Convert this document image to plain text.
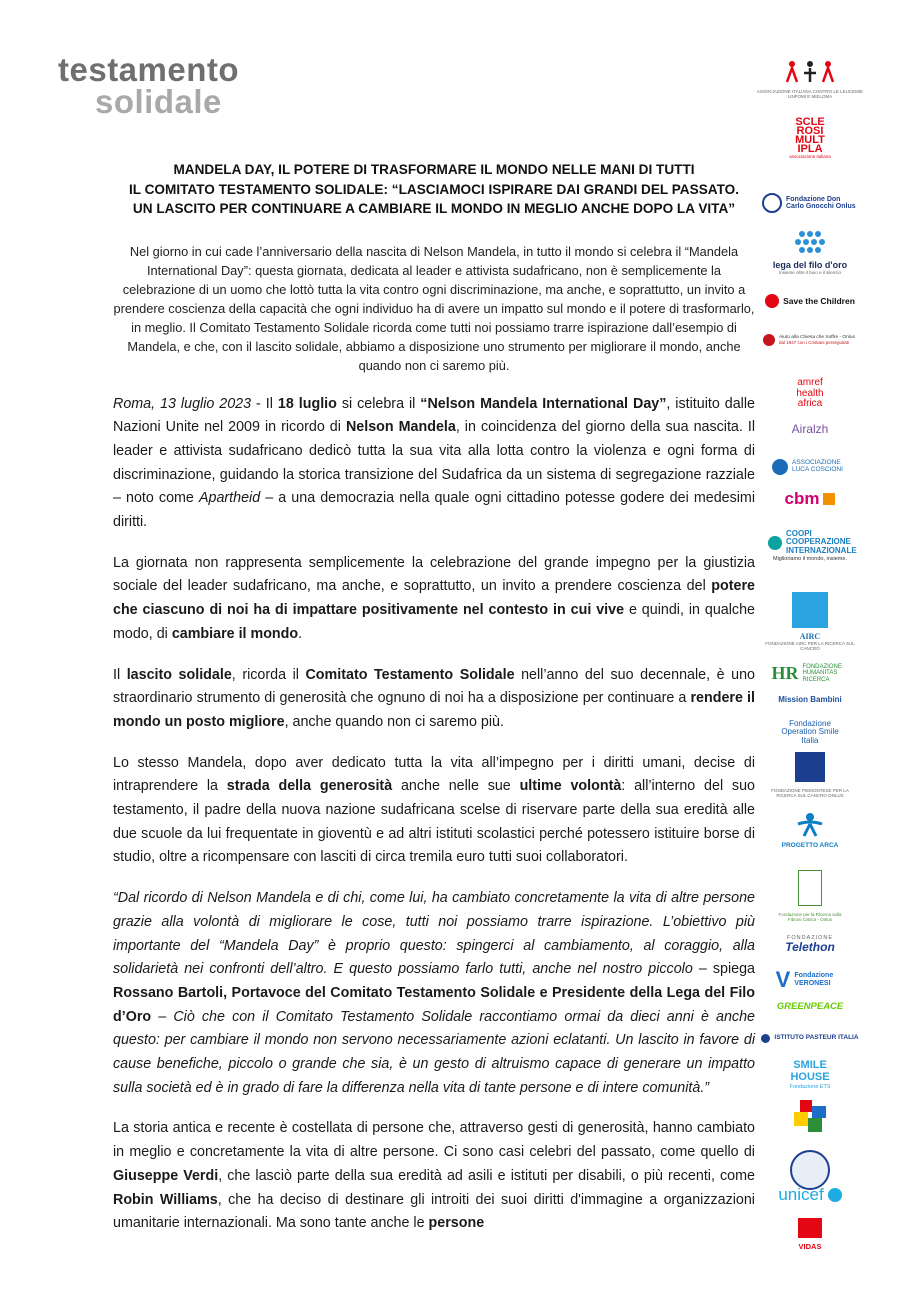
testamento
solidale
MANDELA DAY, IL POTERE DI TRASFORMARE IL MONDO NELLE MANI DI TUTTI
IL COMITATO TESTAMENTO SOLIDALE: “LASCIAMOCI ISPIRARE DAI GRANDI DEL PASSATO.
UN LASCITO PER CONTINUARE A CAMBIARE IL MONDO IN MEGLIO ANCHE DOPO LA VITA”

Nel giorno in cui cade l’anniversario della nascita di Nelson Mandela, in tutto il mondo si celebra il “Mandela International Day”: questa giornata, dedicata al leader e attivista sudafricano, non è semplicemente la celebrazione di un uomo che lottò tutta la vita contro ogni discriminazione, ma anche, e soprattutto, un invito a prendere coscienza della capacità che ogni individuo ha di avere un impatto sul mondo e il potere di trasformarlo, in meglio. Il Comitato Testamento Solidale ricorda come tutti noi possiamo trarre ispirazione dall’esempio di Mandela, e che, con il lascito solidale, abbiamo a disposizione uno strumento per migliorare il mondo, anche quando non ci saremo più.

Roma, 13 luglio 2023 - Il 18 luglio si celebra il “Nelson Mandela International Day”, istituito dalle Nazioni Unite nel 2009 in ricordo di Nelson Mandela, in coincidenza del giorno della sua nascita. Il leader e attivista sudafricano dedicò tutta la sua vita alla lotta contro la violenza e ogni forma di discriminazione, guidando la storica transizione del Sudafrica da un sistema di segregazione razziale – noto come Apartheid – a una democrazia nella quale ogni cittadino potesse godere dei medesimi diritti.

La giornata non rappresenta semplicemente la celebrazione del grande impegno per la giustizia sociale del leader sudafricano, ma anche, e soprattutto, un invito a prendere coscienza del potere che ciascuno di noi ha di impattare positivamente nel contesto in cui vive e quindi, in qualche modo, di cambiare il mondo.

Il lascito solidale, ricorda il Comitato Testamento Solidale nell’anno del suo decennale, è uno straordinario strumento di generosità che ognuno di noi ha a disposizione per continuare a rendere il mondo un posto migliore, anche quando non ci saremo più.

Lo stesso Mandela, dopo aver dedicato tutta la vita all’impegno per i diritti umani, decise di intraprendere la strada della generosità anche nelle sue ultime volontà: all’interno del suo testamento, il padre della nuova nazione sudafricana scelse di riservare parte della sua eredità alle due scuole da lui frequentate in gioventù e ad altri istituti scolastici perché potessero istituire borse di studio, oltre a ricompensare con lasciti di circa tremila euro tutti suoi collaboratori.

“Dal ricordo di Nelson Mandela e di chi, come lui, ha cambiato concretamente la vita di altre persone grazie alla volontà di migliorare le cose, tutti noi possiamo trarre ispirazione. L’obiettivo più importante del “Mandela Day” è proprio questo: spingerci al cambiamento, al coraggio, alla solidarietà nei confronti dell’altro. E questo possiamo farlo tutti, anche nel nostro piccolo – spiega Rossano Bartoli, Portavoce del Comitato Testamento Solidale e Presidente della Lega del Filo d’Oro – Ciò che con il Comitato Testamento Solidale raccontiamo ormai da dieci anni è anche questo: per cambiare il mondo non servono necessariamente azioni eclatanti. Un lascito in favore di cause benefiche, piccolo o grande che sia, è un gesto di altruismo capace di generare un impatto sulla società ed è in grado di fare la differenza nella vita di tante persone e di intere comunità.”

La storia antica e recente è costellata di persone che, attraverso gesti di generosità, hanno cambiato in meglio e concretamente la vita di altre persone. Ci sono casi celebri del passato, come quello di Giuseppe Verdi, che lasciò parte della sua eredità ad asili e istituti per disabili, o più recenti, come Robin Williams, che ha deciso di destinare gli introiti dei suoi diritti d'immagine a organizzazioni umanitarie internazionali. Ma sono tante anche le persone

ASSOCIAZIONE ITALIANA CONTRO LE LEUCEMIE LINFOMI E MIELOMA
SCLE ROSI MULT IPLA
associazione italiana
Fondazione Don Carlo Gnocchi Onlus
lega del filo d'oro
Insieme oltre il buio e il silenzio
Save the Children
Aiuto alla Chiesa che Soffre - Onlus
dal 1947 con i Cristiani perseguitati
amref health africa
Airalzh
ASSOCIAZIONE LUCA COSCIONI
cbm
COOPI COOPERAZIONE INTERNAZIONALE
Miglioriamo il mondo, insieme.
AIRC
FONDAZIONE AIRC PER LA RICERCA SUL CANCRO
HR FONDAZIONE HUMANITAS RICERCA
Mission Bambini
Fondazione Operation Smile Italia
FONDAZIONE PIEMONTESE PER LA RICERCA SUL CANCRO ONLUS
PROGETTO ARCA
Fondazione per la Ricerca sulla Fibrosi Cistica - Onlus
FONDAZIONE
Telethon
V Fondazione VERONESI
GREENPEACE
ISTITUTO PASTEUR ITALIA
SMILE HOUSE
Fondazione ETS
unicef
VIDAS
